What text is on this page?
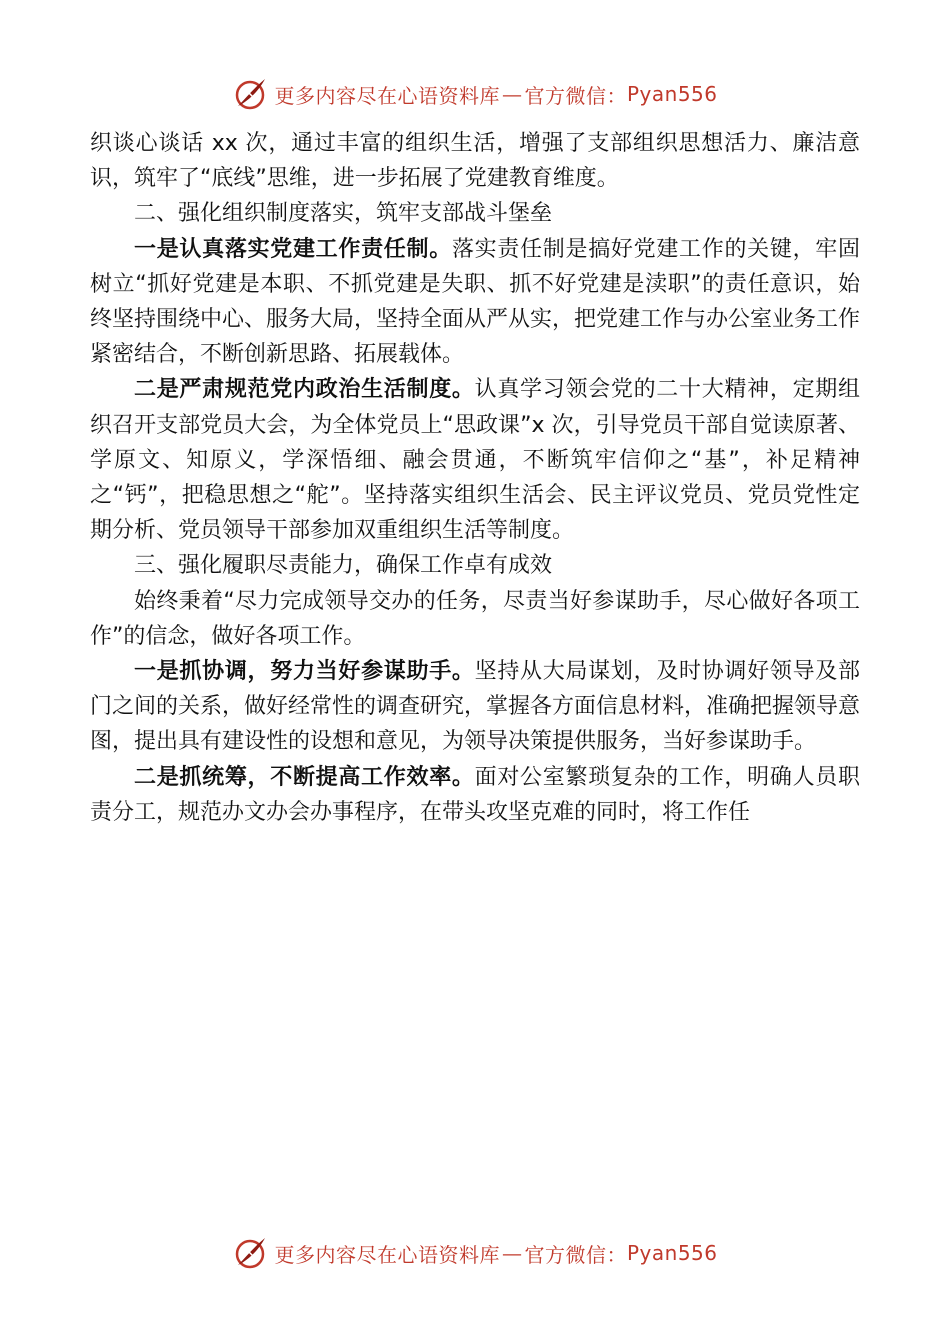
更多内容尽在心语资料库 — 官方微信： Pyan556

织谈心谈话 xx 次，通过丰富的组织生活，增强了支部组织思想活力、廉洁意识，筑牢了“底线”思维，进一步拓展了党建教育维度。

二、强化组织制度落实，筑牢支部战斗堡垒

一是认真落实党建工作责任制。落实责任制是搞好党建工作的关键，牢固树立“抓好党建是本职、不抓党建是失职、抓不好党建是渎职”的责任意识，始终坚持围绕中心、服务大局，坚持全面从严从实，把党建工作与办公室业务工作紧密结合，不断创新思路、拓展载体。

二是严肃规范党内政治生活制度。认真学习领会党的二十大精神，定期组织召开支部党员大会，为全体党员上“思政课”x 次，引导党员干部自觉读原著、学原文、知原义，学深悟细、融会贯通，不断筑牢信仰之“基”，补足精神之“钙”，把稳思想之“舵”。坚持落实组织生活会、民主评议党员、党员党性定期分析、党员领导干部参加双重组织生活等制度。

三、强化履职尽责能力，确保工作卓有成效

始终秉着“尽力完成领导交办的任务，尽责当好参谋助手，尽心做好各项工作”的信念，做好各项工作。

一是抓协调，努力当好参谋助手。坚持从大局谋划，及时协调好领导及部门之间的关系，做好经常性的调查研究，掌握各方面信息材料，准确把握领导意图，提出具有建设性的设想和意见，为领导决策提供服务，当好参谋助手。

二是抓统筹，不断提高工作效率。面对公室繁琐复杂的工作，明确人员职责分工，规范办文办会办事程序，在带头攻坚克难的同时，将工作任

更多内容尽在心语资料库 — 官方微信： Pyan556
